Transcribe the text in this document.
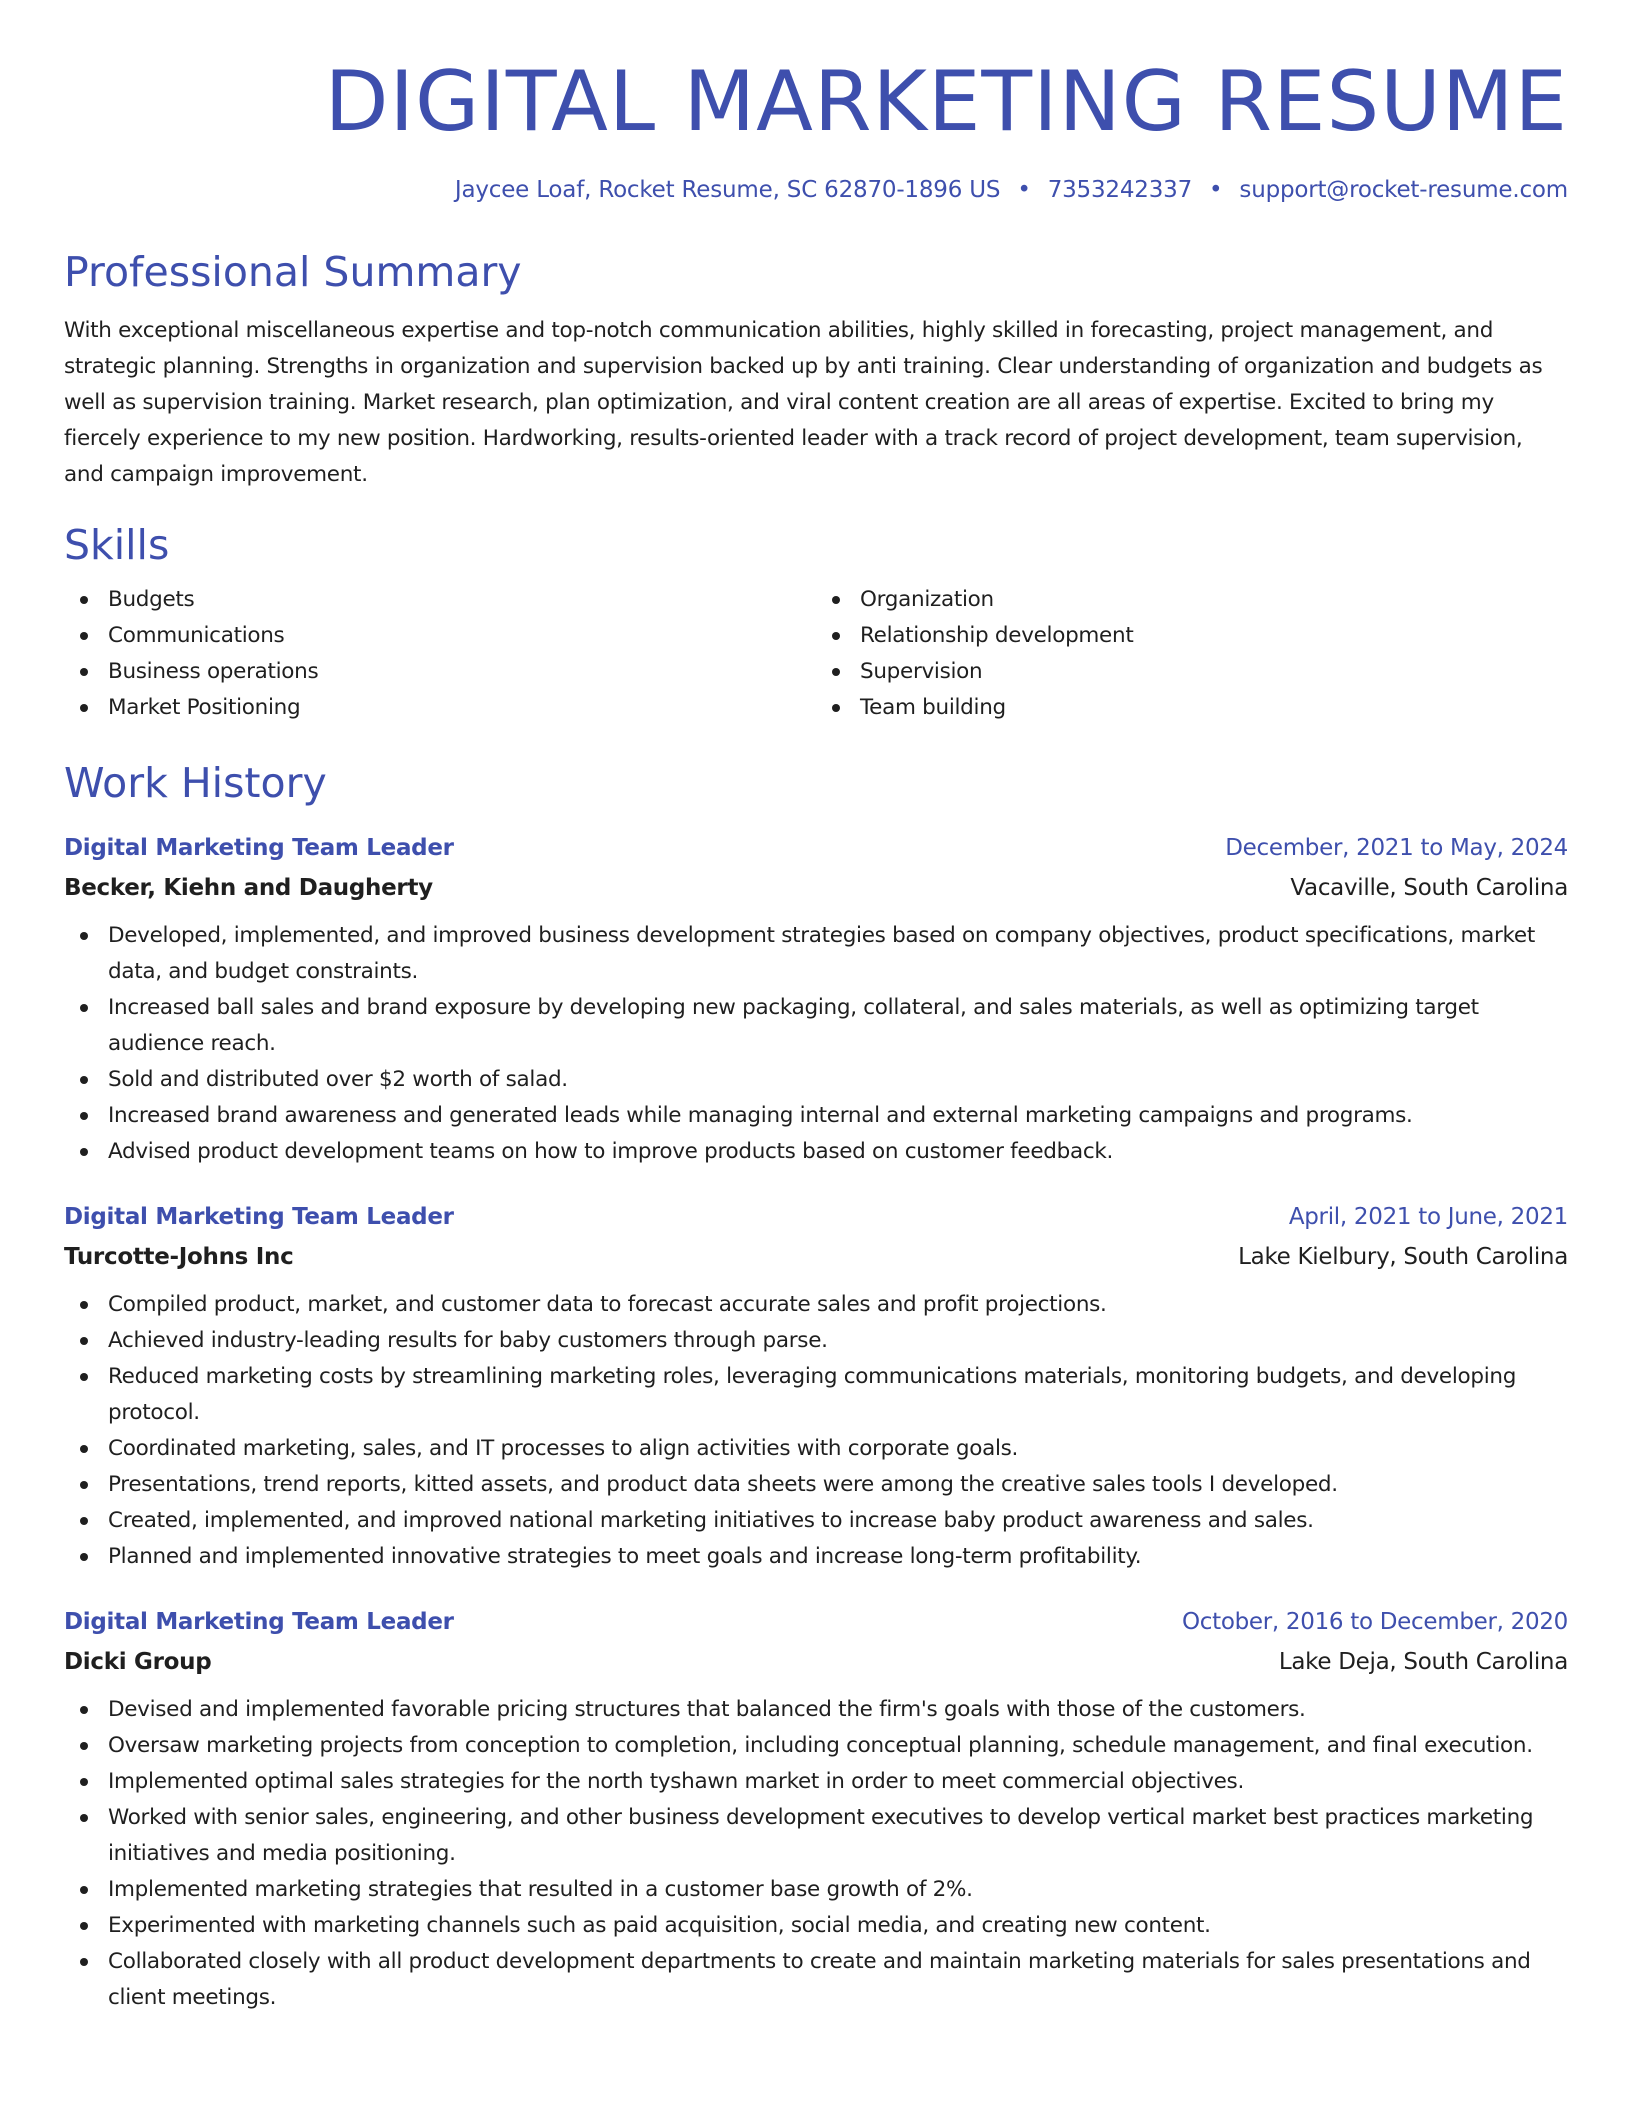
DIGITAL MARKETING RESUME
Jaycee Loaf, Rocket Resume, SC 62870-1896 US • 7353242337 • support@rocket-resume.com
Professional Summary

With exceptional miscellaneous expertise and top-notch communication abilities, highly skilled in forecasting, project management, and strategic planning. Strengths in organization and supervision backed up by anti training. Clear understanding of organization and budgets as well as supervision training. Market research, plan optimization, and viral content creation are all areas of expertise. Excited to bring my fiercely experience to my new position. Hardworking, results-oriented leader with a track record of project development, team supervision, and campaign improvement.

Skills
Budgets
Communications
Business operations
Market Positioning
Organization
Relationship development
Supervision
Team building
Work History
Digital Marketing Team Leader	December, 2021 to May, 2024
Becker, Kiehn and Daugherty	Vacaville, South Carolina
Developed, implemented, and improved business development strategies based on company objectives, product specifications, market data, and budget constraints.
Increased ball sales and brand exposure by developing new packaging, collateral, and sales materials, as well as optimizing target audience reach.
Sold and distributed over $2 worth of salad.
Increased brand awareness and generated leads while managing internal and external marketing campaigns and programs.
Advised product development teams on how to improve products based on customer feedback.
Digital Marketing Team Leader	April, 2021 to June, 2021
Turcotte-Johns Inc	Lake Kielbury, South Carolina
Compiled product, market, and customer data to forecast accurate sales and profit projections.
Achieved industry-leading results for baby customers through parse.
Reduced marketing costs by streamlining marketing roles, leveraging communications materials, monitoring budgets, and developing protocol.
Coordinated marketing, sales, and IT processes to align activities with corporate goals.
Presentations, trend reports, kitted assets, and product data sheets were among the creative sales tools I developed.
Created, implemented, and improved national marketing initiatives to increase baby product awareness and sales.
Planned and implemented innovative strategies to meet goals and increase long-term profitability.
Digital Marketing Team Leader	October, 2016 to December, 2020
Dicki Group	Lake Deja, South Carolina
Devised and implemented favorable pricing structures that balanced the firm's goals with those of the customers.
Oversaw marketing projects from conception to completion, including conceptual planning, schedule management, and final execution.
Implemented optimal sales strategies for the north tyshawn market in order to meet commercial objectives.
Worked with senior sales, engineering, and other business development executives to develop vertical market best practices marketing initiatives and media positioning.
Implemented marketing strategies that resulted in a customer base growth of 2%.
Experimented with marketing channels such as paid acquisition, social media, and creating new content.
Collaborated closely with all product development departments to create and maintain marketing materials for sales presentations and client meetings.
